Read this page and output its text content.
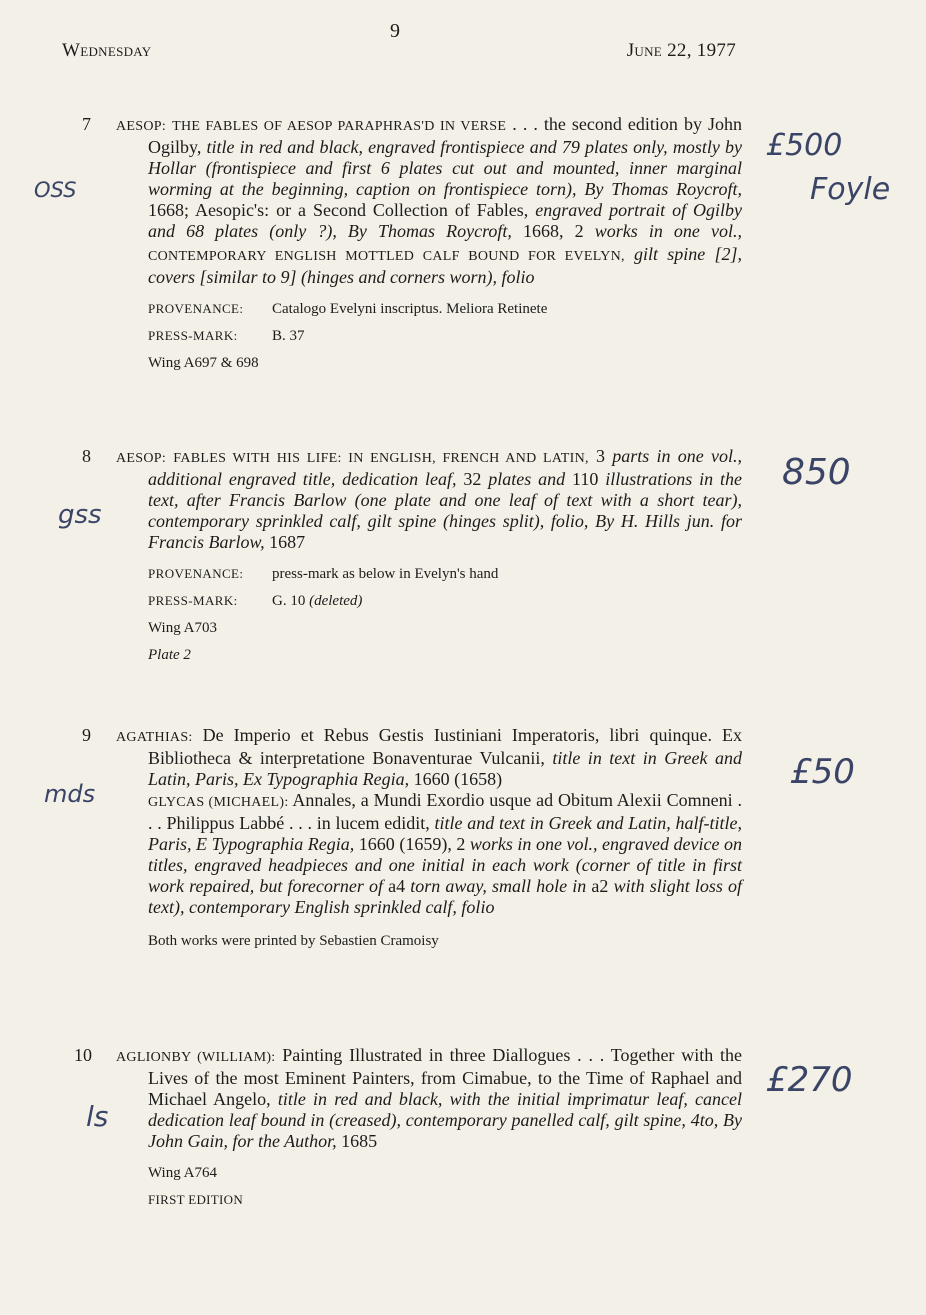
Wednesday
9
June 22, 1977
7	AESOP: THE FABLES OF AESOP PARAPHRAS'D IN VERSE . . . the second edition by John Ogilby, title in red and black, engraved frontispiece and 79 plates only, mostly by Hollar (frontispiece and first 6 plates cut out and mounted, inner marginal worming at the beginning, caption on frontispiece torn), By Thomas Roycroft, 1668; Aesopic's: or a Second Collection of Fables, engraved portrait of Ogilby and 68 plates (only ?), By Thomas Roycroft, 1668, 2 works in one vol., CONTEMPORARY ENGLISH MOTTLED CALF BOUND FOR EVELYN, gilt spine [2], covers [similar to 9] (hinges and corners worn), folio
PROVENANCE:	Catalogo Evelyni inscriptus. Meliora Retinete
PRESS-MARK:	B. 37
Wing A697 & 698
OSS
£500
Foyle
8	AESOP: FABLES WITH HIS LIFE: IN ENGLISH, FRENCH AND LATIN, 3 parts in one vol., additional engraved title, dedication leaf, 32 plates and 110 illustrations in the text, after Francis Barlow (one plate and one leaf of text with a short tear), contemporary sprinkled calf, gilt spine (hinges split), folio, By H. Hills jun. for Francis Barlow, 1687
PROVENANCE:	press-mark as below in Evelyn's hand
PRESS-MARK:	G. 10 (deleted)
Wing A703
Plate 2
gss
850
9	AGATHIAS: De Imperio et Rebus Gestis Iustiniani Imperatoris, libri quinque. Ex Bibliotheca & interpretatione Bonaventurae Vulcanii, title in text in Greek and Latin, Paris, Ex Typographia Regia, 1660 (1658)
GLYCAS (MICHAEL): Annales, a Mundi Exordio usque ad Obitum Alexii Comneni . . . Philippus Labbé . . . in lucem edidit, title and text in Greek and Latin, half-title, Paris, E Typographia Regia, 1660 (1659), 2 works in one vol., engraved device on titles, engraved headpieces and one initial in each work (corner of title in first work repaired, but forecorner of a4 torn away, small hole in a2 with slight loss of text), contemporary English sprinkled calf, folio
Both works were printed by Sebastien Cramoisy
mds
£50
10	AGLIONBY (WILLIAM): Painting Illustrated in three Diallogues . . . Together with the Lives of the most Eminent Painters, from Cimabue, to the Time of Raphael and Michael Angelo, title in red and black, with the initial imprimatur leaf, cancel dedication leaf bound in (creased), contemporary panelled calf, gilt spine, 4to, By John Gain, for the Author, 1685
Wing A764
FIRST EDITION
ls
£270
